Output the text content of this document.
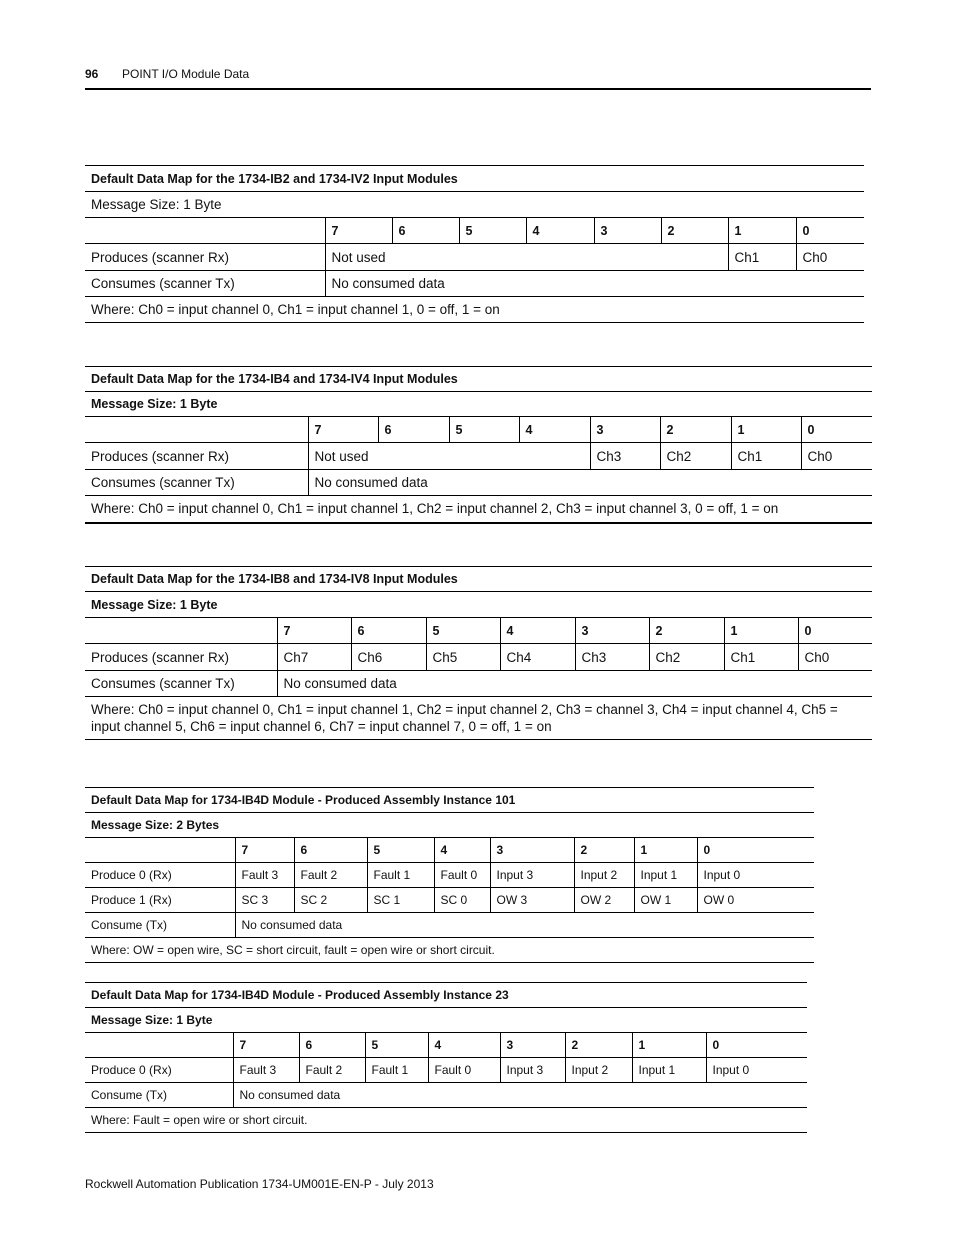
96 POINT I/O Module Data
Default Data Map for the 1734-IB2 and 1734-IV2 Input Modules								
Message Size: 1 Byte								
	7	6	5	4	3	2	1	0
Produces (scanner Rx)	Not used						Ch1	Ch0
Consumes (scanner Tx)	No consumed data							
Where: Ch0 = input channel 0, Ch1 = input channel 1, 0 = off, 1 = on								
Default Data Map for the 1734-IB4 and 1734-IV4 Input Modules								
Message Size: 1 Byte								
	7	6	5	4	3	2	1	0
Produces (scanner Rx)	Not used				Ch3	Ch2	Ch1	Ch0
Consumes (scanner Tx)	No consumed data							
Where: Ch0 = input channel 0, Ch1 = input channel 1, Ch2 = input channel 2, Ch3 = input channel 3, 0 = off, 1 = on								
Default Data Map for the 1734-IB8 and 1734-IV8 Input Modules								
Message Size: 1 Byte								
	7	6	5	4	3	2	1	0
Produces (scanner Rx)	Ch7	Ch6	Ch5	Ch4	Ch3	Ch2	Ch1	Ch0
Consumes (scanner Tx)	No consumed data							
Where: Ch0 = input channel 0, Ch1 = input channel 1, Ch2 = input channel 2, Ch3 = channel 3, Ch4 = input channel 4, Ch5 = input channel 5, Ch6 = input channel 6, Ch7 = input channel 7, 0 = off, 1 = on								
Default Data Map for 1734-IB4D Module - Produced Assembly Instance 101								
Message Size: 2 Bytes								
	7	6	5	4	3	2	1	0
Produce 0 (Rx)	Fault 3	Fault 2	Fault 1	Fault 0	Input 3	Input 2	Input 1	Input 0
Produce 1 (Rx)	SC 3	SC 2	SC 1	SC 0	OW 3	OW 2	OW 1	OW 0
Consume (Tx)	No consumed data							
Where: OW = open wire, SC = short circuit, fault = open wire or short circuit.								
Default Data Map for 1734-IB4D Module - Produced Assembly Instance 23								
Message Size: 1 Byte								
	7	6	5	4	3	2	1	0
Produce 0 (Rx)	Fault 3	Fault 2	Fault 1	Fault 0	Input 3	Input 2	Input 1	Input 0
Consume (Tx)	No consumed data							
Where: Fault = open wire or short circuit.								
Rockwell Automation Publication 1734-UM001E-EN-P - July 2013
